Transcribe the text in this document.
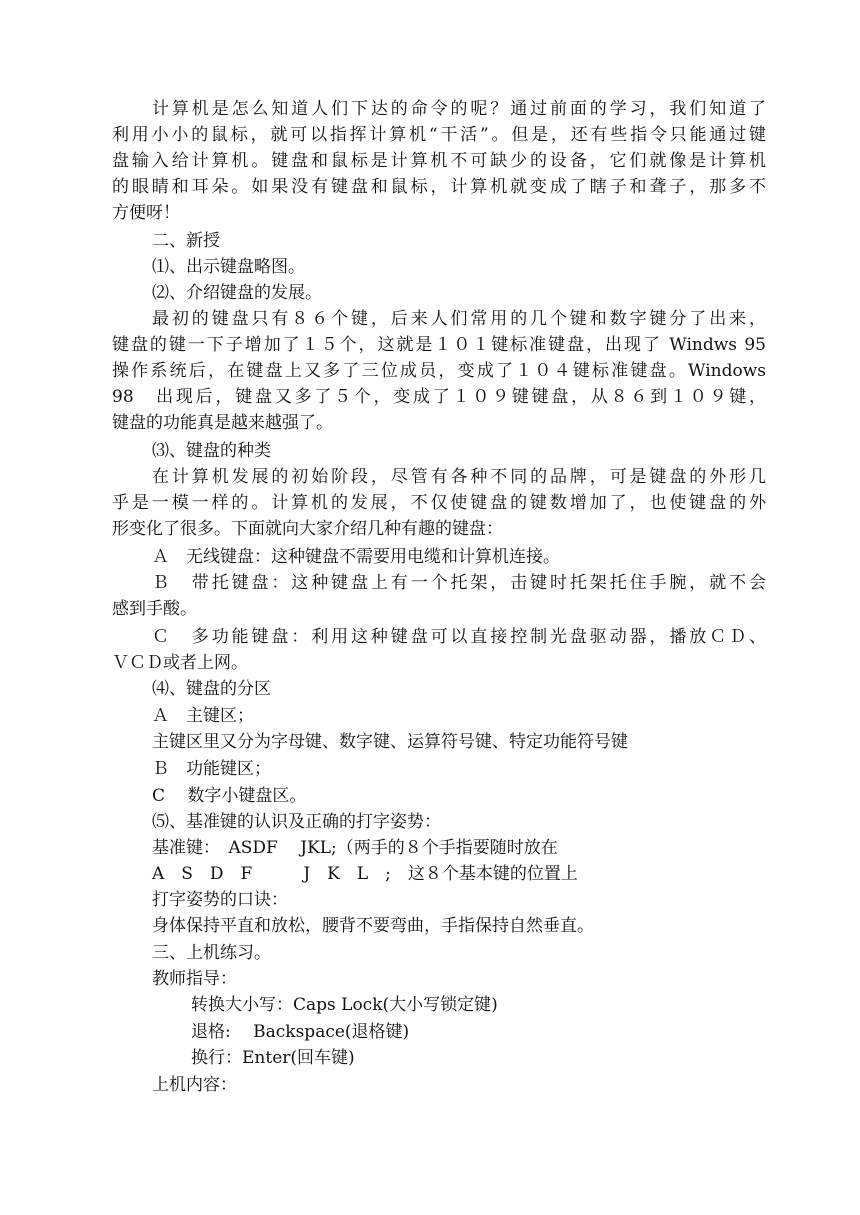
计算机是怎么知道人们下达的命令的呢？通过前面的学习，我们知道了
利用小小的鼠标，就可以指挥计算机“干活”。但是，还有些指令只能通过键
盘输入给计算机。键盘和鼠标是计算机不可缺少的设备，它们就像是计算机
的眼睛和耳朵。如果没有键盘和鼠标，计算机就变成了瞎子和聋子，那多不
方便呀！
二、新授
⑴、出示键盘略图。
⑵、介绍键盘的发展。
最初的键盘只有８６个键，后来人们常用的几个键和数字键分了出来，
键盘的键一下子增加了１５个，这就是１０１键标准键盘，出现了 Windws 95
操作系统后，在键盘上又多了三位成员，变成了１０４键标准键盘。Windows
98　出现后，键盘又多了５个，变成了１０９键键盘，从８６到１０９键，
键盘的功能真是越来越强了。
⑶、键盘的种类
在计算机发展的初始阶段，尽管有各种不同的品牌，可是键盘的外形几
乎是一模一样的。计算机的发展，不仅使键盘的键数增加了，也使键盘的外
形变化了很多。下面就向大家介绍几种有趣的键盘：
Ａ　无线键盘：这种键盘不需要用电缆和计算机连接。
Ｂ　带托键盘：这种键盘上有一个托架，击键时托架托住手腕，就不会
感到手酸。
Ｃ　多功能键盘：利用这种键盘可以直接控制光盘驱动器，播放ＣＤ、
ＶＣＤ或者上网。
⑷、键盘的分区
Ａ　主键区；
主键区里又分为字母键、数字键、运算符号键、特定功能符号键
Ｂ　功能键区；
C　 数字小键盘区。
⑸、基准键的认识及正确的打字姿势：
基准键：　ASDF　 JKL;（两手的８个手指要随时放在
A　S　D　F　　　J　K　L　;　这８个基本键的位置上
打字姿势的口诀：
身体保持平直和放松，腰背不要弯曲，手指保持自然垂直。
三、上机练习。
教师指导：
转换大小写：Caps Lock(大小写锁定键)
退格:　 Backspace(退格键)
换行：Enter(回车键)
上机内容：
